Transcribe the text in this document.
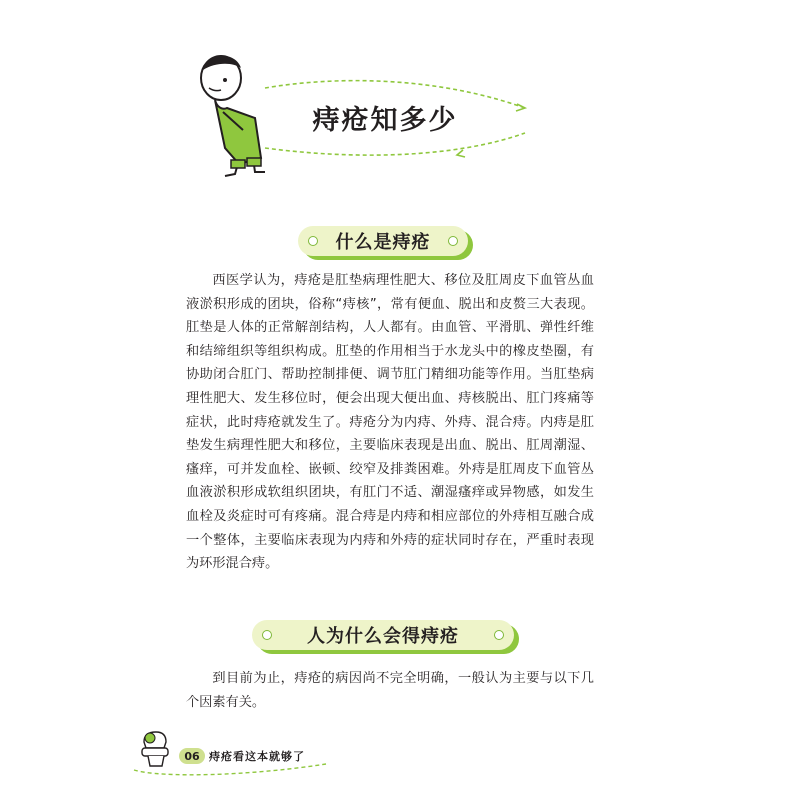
痔疮知多少
什么是痔疮
西医学认为，痔疮是肛垫病理性肥大、移位及肛周皮下血管丛血液淤积形成的团块，俗称“痔核”，常有便血、脱出和皮赘三大表现。肛垫是人体的正常解剖结构，人人都有。由血管、平滑肌、弹性纤维和结缔组织等组织构成。肛垫的作用相当于水龙头中的橡皮垫圈，有协助闭合肛门、帮助控制排便、调节肛门精细功能等作用。当肛垫病理性肥大、发生移位时，便会出现大便出血、痔核脱出、肛门疼痛等症状，此时痔疮就发生了。痔疮分为内痔、外痔、混合痔。内痔是肛垫发生病理性肥大和移位，主要临床表现是出血、脱出、肛周潮湿、瘙痒，可并发血栓、嵌顿、绞窄及排粪困难。外痔是肛周皮下血管丛血液淤积形成软组织团块，有肛门不适、潮湿瘙痒或异物感，如发生血栓及炎症时可有疼痛。混合痔是内痔和相应部位的外痔相互融合成一个整体，主要临床表现为内痔和外痔的症状同时存在，严重时表现为环形混合痔。
人为什么会得痔疮
到目前为止，痔疮的病因尚不完全明确，一般认为主要与以下几个因素有关。
06 痔疮看这本就够了
